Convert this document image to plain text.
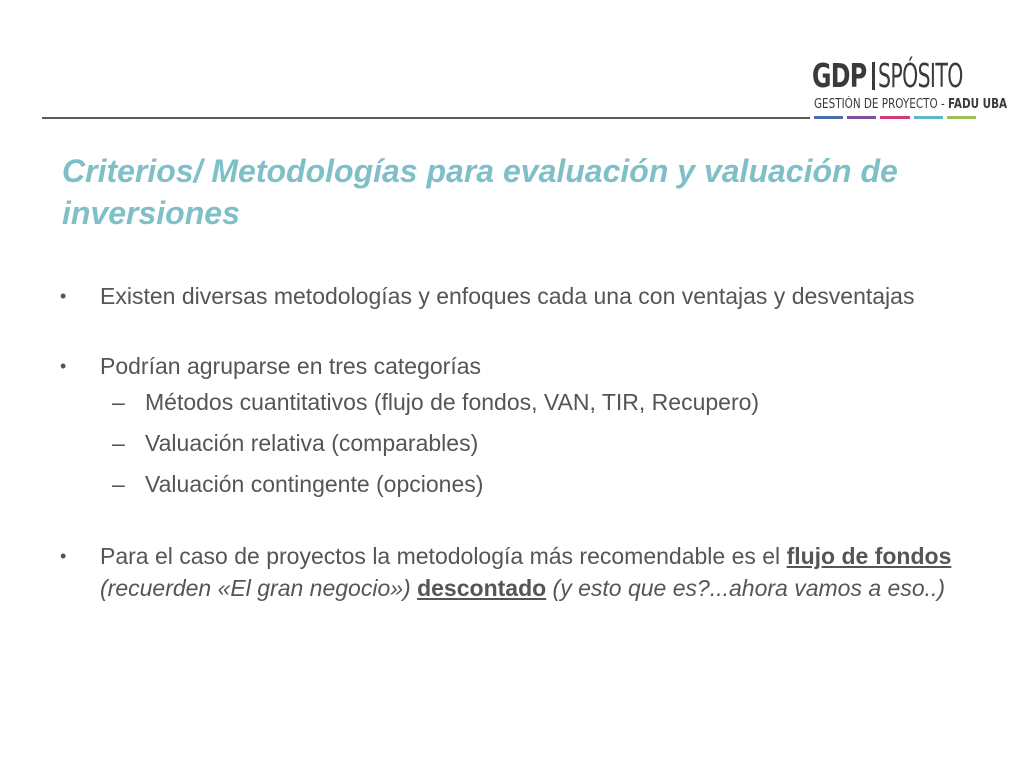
GDP SPÓSITO
GESTIÓN DE PROYECTO - FADU UBA
Criterios/ Metodologías para evaluación y valuación de inversiones

•	Existen diversas metodologías y enfoques cada una con ventajas y desventajas

•	Podrían agruparse en tres categorías

– Métodos cuantitativos (flujo de fondos, VAN, TIR, Recupero)

– Valuación relativa (comparables)

– Valuación contingente (opciones)

•	Para el caso de proyectos la metodología más recomendable es el flujo de fondos (recuerden «El gran negocio») descontado (y esto que es?...ahora vamos a eso..)
